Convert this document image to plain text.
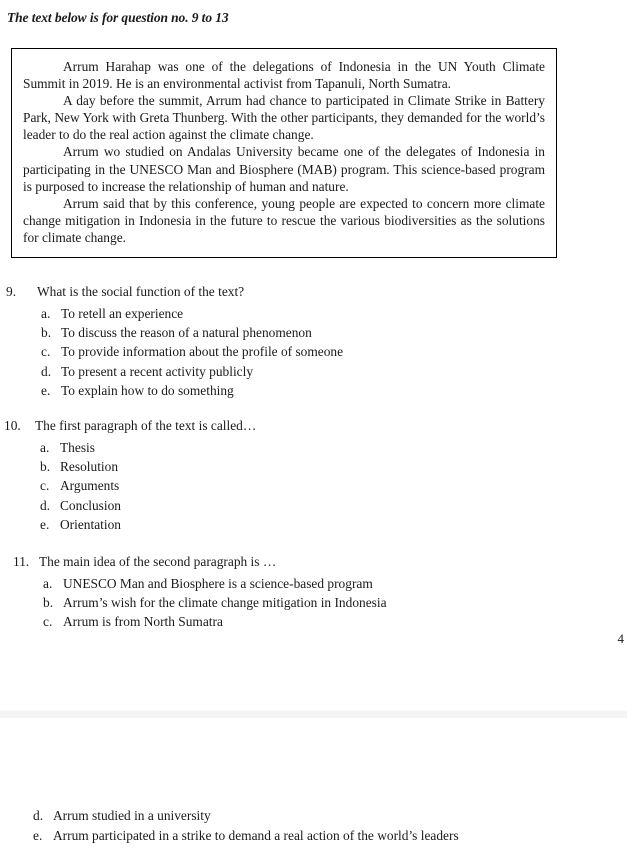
The text below is for question no. 9 to 13

Arrum Harahap was one of the delegations of Indonesia in the UN Youth Climate Summit in 2019. He is an environmental activist from Tapanuli, North Sumatra.

A day before the summit, Arrum had chance to participated in Climate Strike in Battery Park, New York with Greta Thunberg. With the other participants, they demanded for the world’s leader to do the real action against the climate change.

Arrum wo studied on Andalas University became one of the delegates of Indonesia in participating in the UNESCO Man and Biosphere (MAB) program. This science-based program is purposed to increase the relationship of human and nature.

Arrum said that by this conference, young people are expected to concern more climate change mitigation in Indonesia in the future to rescue the various biodiversities as the solutions for climate change.

9.	What is the social function of the text?
a. To retell an experience
b. To discuss the reason of a natural phenomenon
c. To provide information about the profile of someone
d. To present a recent activity publicly
e. To explain how to do something
10.	The first paragraph of the text is called…
a. Thesis
b. Resolution
c. Arguments
d. Conclusion
e. Orientation
11. The main idea of the second paragraph is …
a. UNESCO Man and Biosphere is a science-based program
b. Arrum’s wish for the climate change mitigation in Indonesia
c. Arrum is from North Sumatra
4
d. Arrum studied in a university
e. Arrum participated in a strike to demand a real action of the world’s leaders
